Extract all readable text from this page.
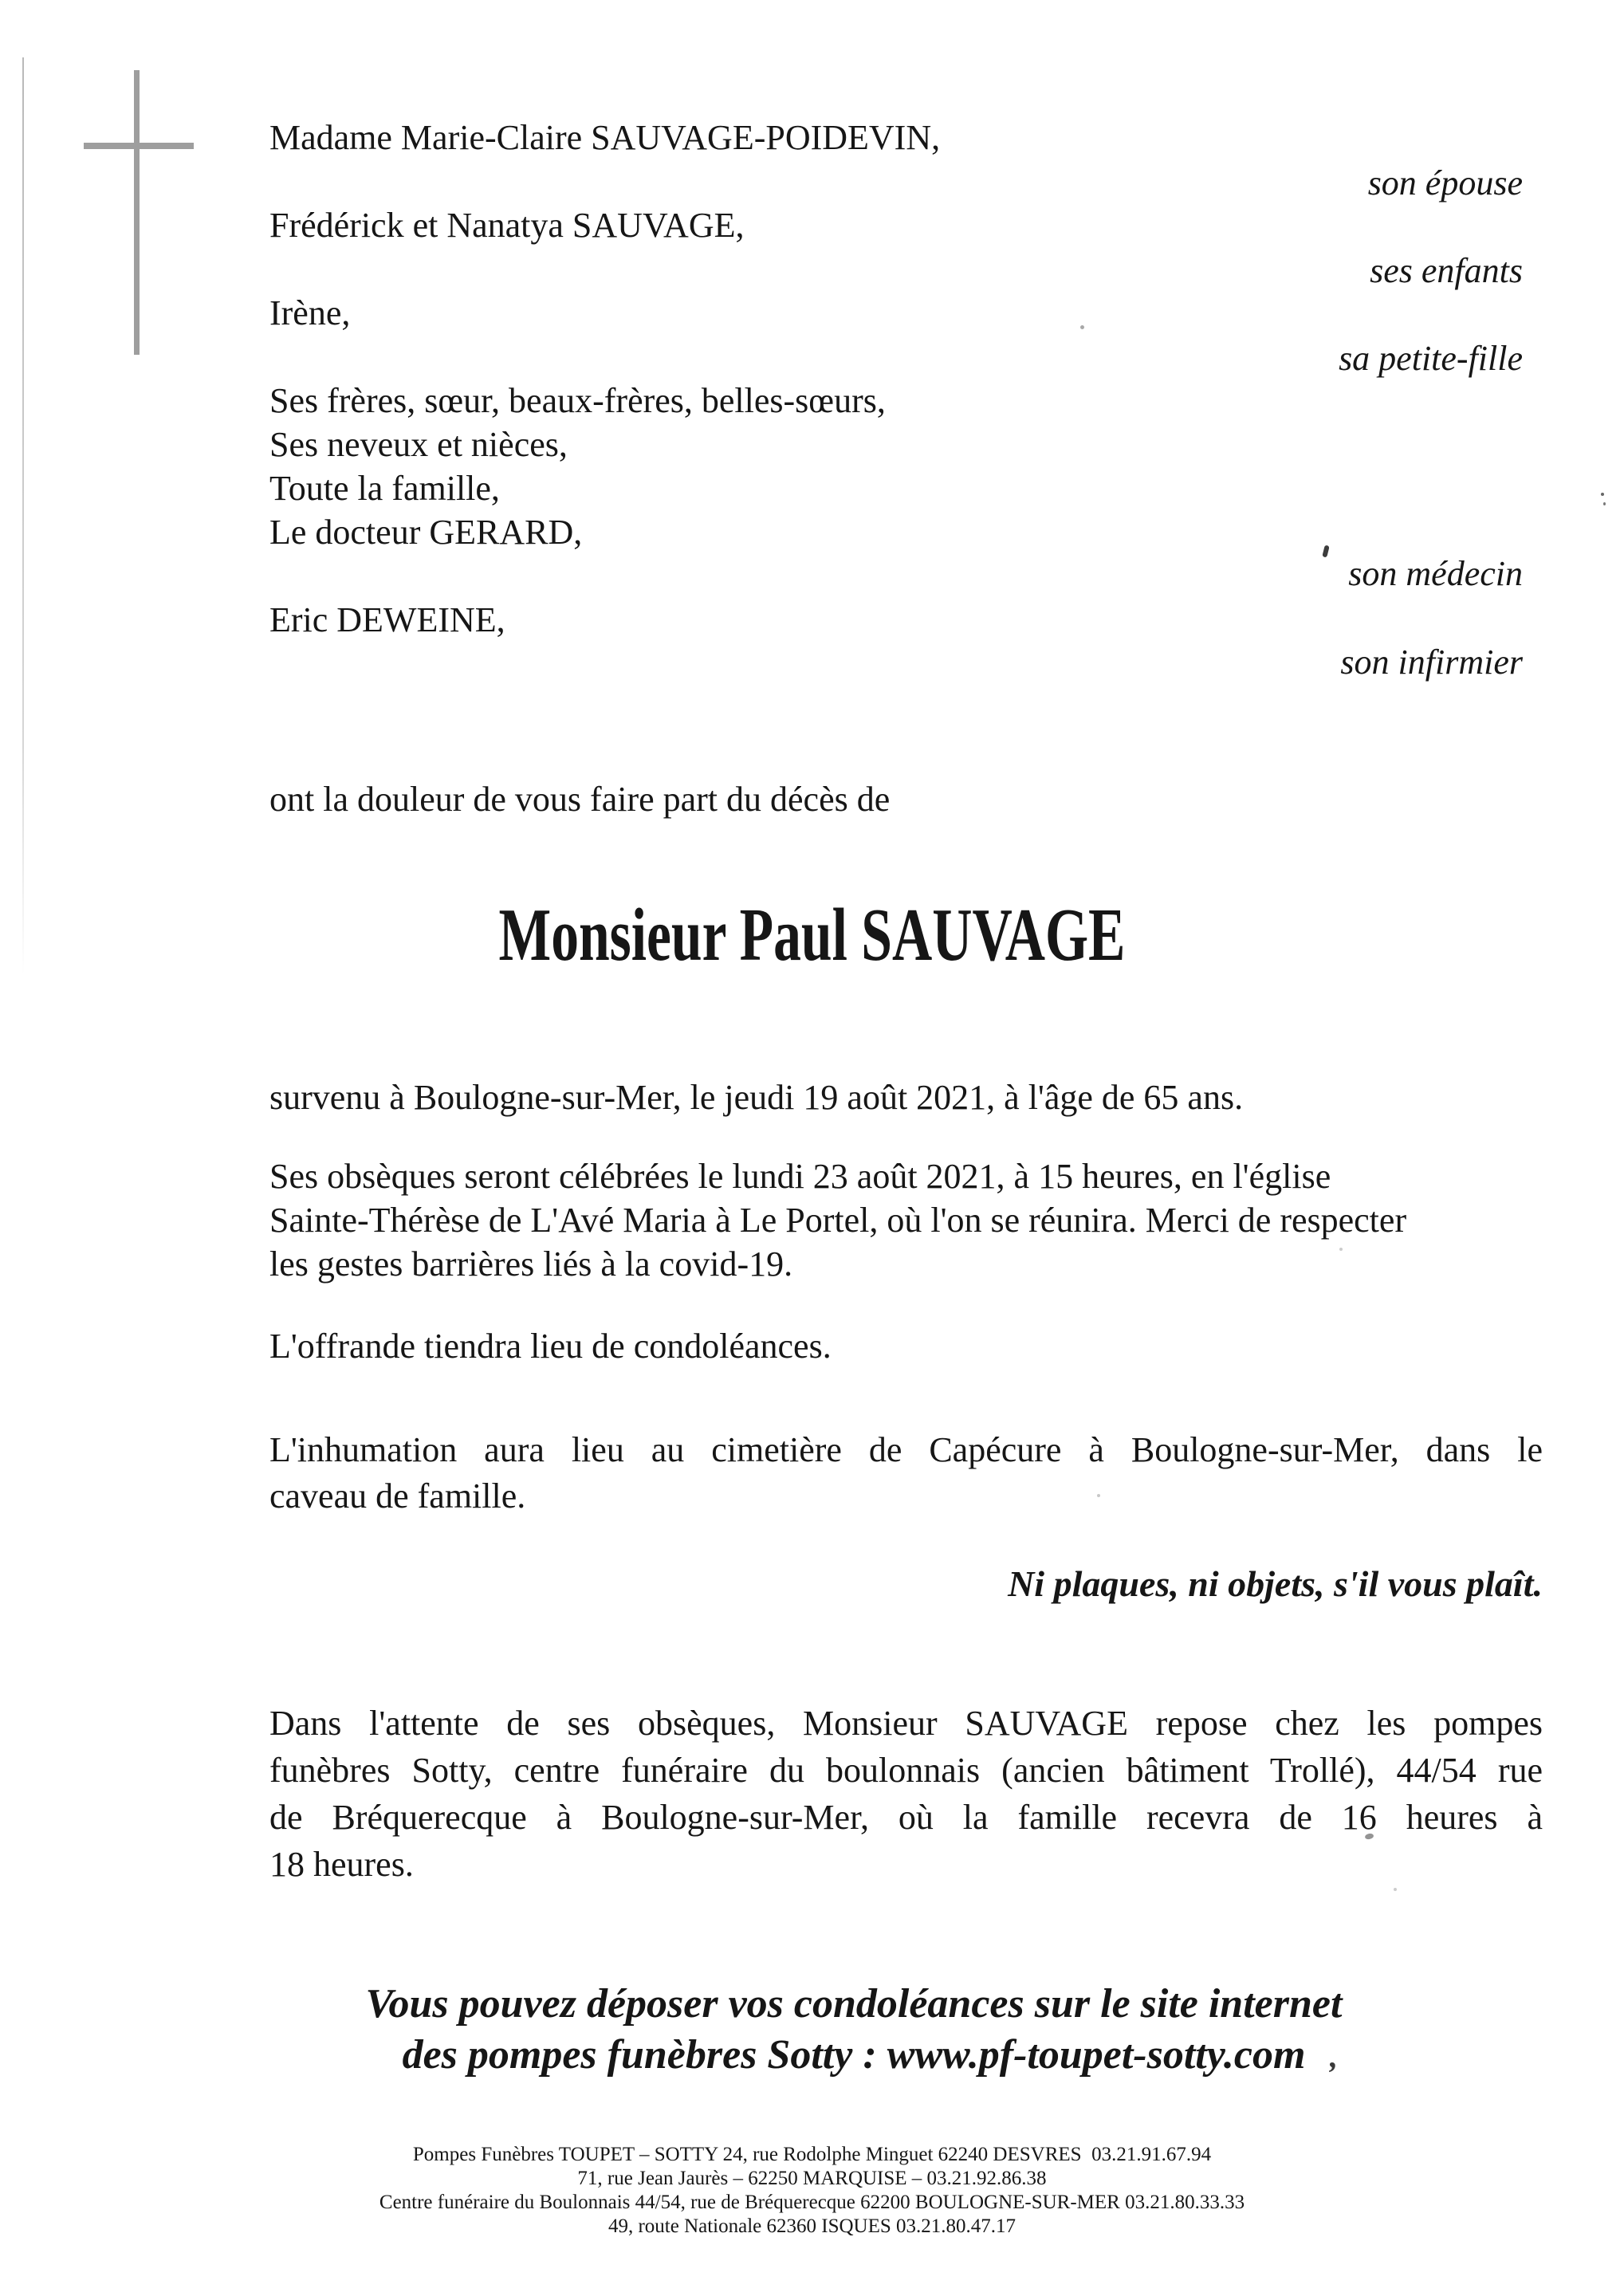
Madame Marie-Claire SAUVAGE-POIDEVIN,
Frédérick et Nanatya SAUVAGE,
Irène,
Ses frères, sœur, beaux-frères, belles-sœurs,
Ses neveux et nièces,
Toute la famille,
Le docteur GERARD,
Eric DEWEINE,
son épouse
ses enfants
sa petite-fille
son médecin
son infirmier
ont la douleur de vous faire part du décès de
Monsieur Paul SAUVAGE
survenu à Boulogne-sur-Mer, le jeudi 19 août 2021, à l'âge de 65 ans.
Ses obsèques seront célébrées le lundi 23 août 2021, à 15 heures, en l'église
Sainte-Thérèse de L'Avé Maria à Le Portel, où l'on se réunira. Merci de respecter
les gestes barrières liés à la covid-19.
L'offrande tiendra lieu de condoléances.
L'inhumation aura lieu au cimetière de Capécure à Boulogne-sur-Mer, dans le
caveau de famille.
Ni plaques, ni objets, s'il vous plaît.
Dans l'attente de ses obsèques, Monsieur SAUVAGE repose chez les pompes
funèbres Sotty, centre funéraire du boulonnais (ancien bâtiment Trollé), 44/54 rue
de Bréquerecque à Boulogne-sur-Mer, où la famille recevra de 16 heures à
18 heures.
Vous pouvez déposer vos condoléances sur le site internet
des pompes funèbres Sotty : www.pf-toupet-sotty.com ,
Pompes Funèbres TOUPET – SOTTY 24, rue Rodolphe Minguet 62240 DESVRES  03.21.91.67.94
71, rue Jean Jaurès – 62250 MARQUISE – 03.21.92.86.38
Centre funéraire du Boulonnais 44/54, rue de Bréquerecque 62200 BOULOGNE-SUR-MER 03.21.80.33.33
49, route Nationale 62360 ISQUES 03.21.80.47.17
